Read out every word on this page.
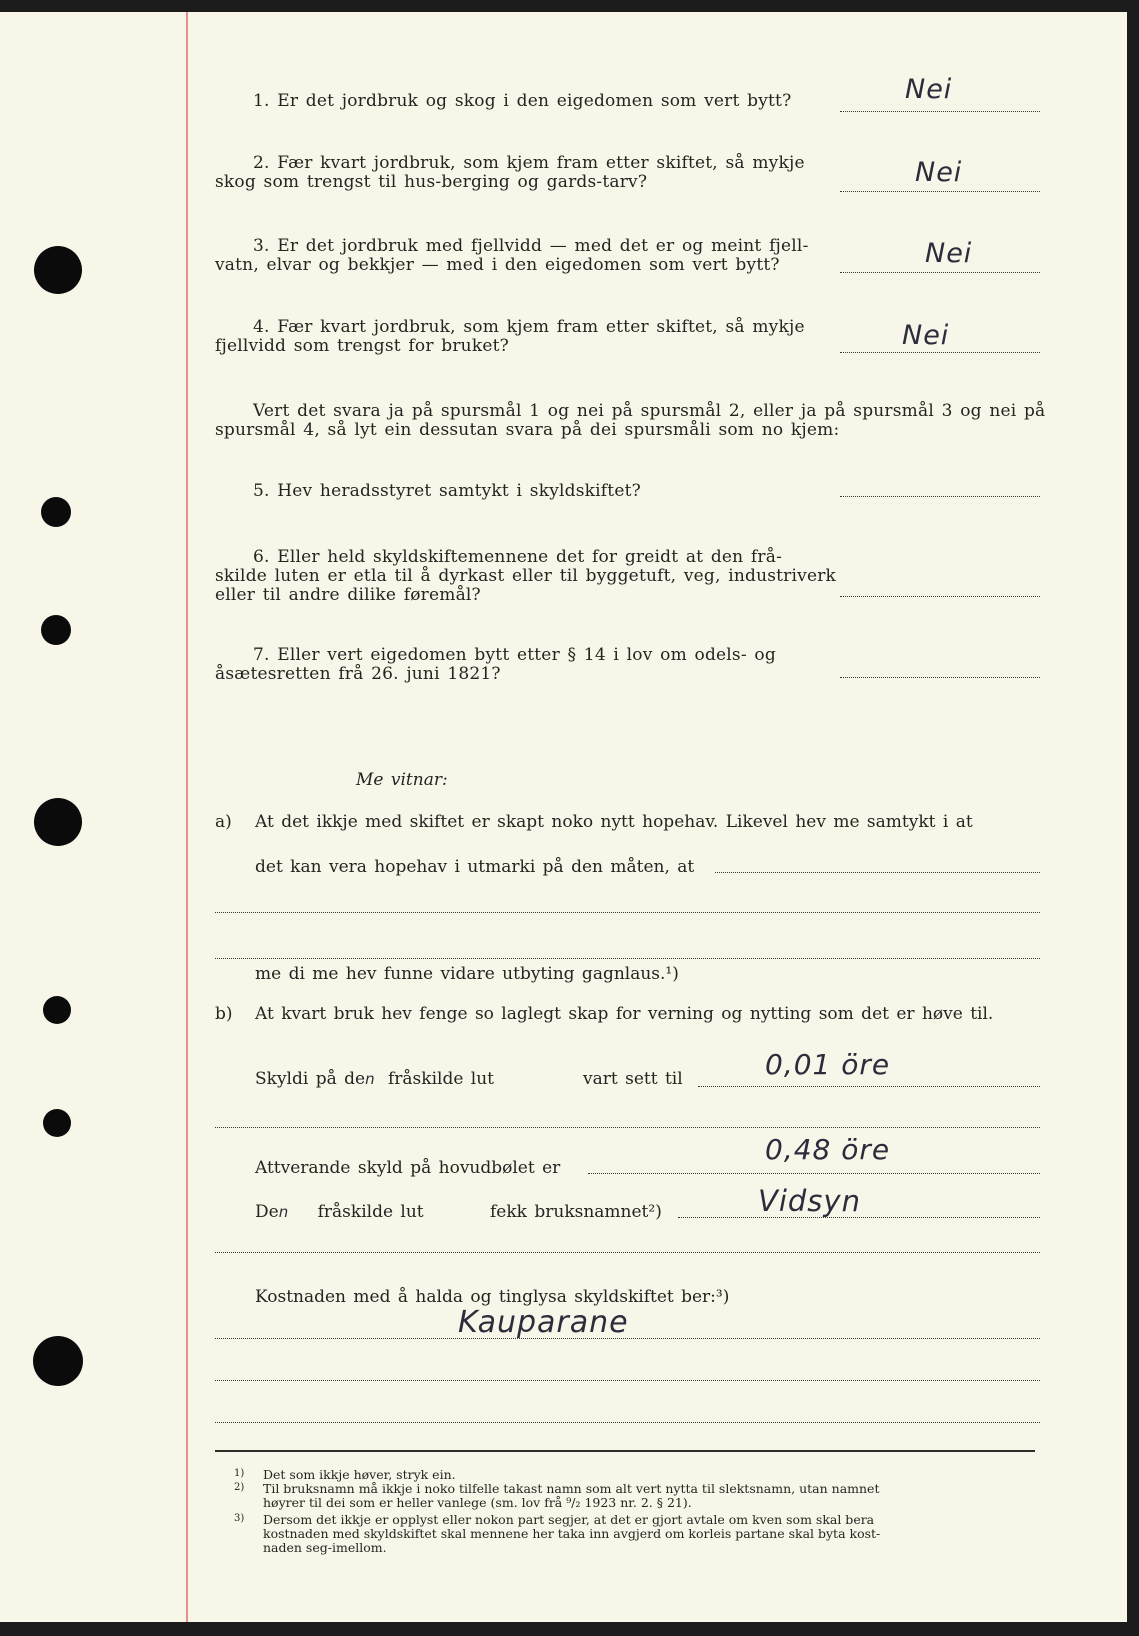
1. Er det jordbruk og skog i den eigedomen som vert bytt?	Nei
2. Fær kvart jordbruk, som kjem fram etter skiftet, så mykje
skog som trengst til hus-berging og gards-tarv?	Nei
3. Er det jordbruk med fjellvidd — med det er og meint fjell-
vatn, elvar og bekkjer — med i den eigedomen som vert bytt?	Nei
4. Fær kvart jordbruk, som kjem fram etter skiftet, så mykje
fjellvidd som trengst for bruket?	Nei
Vert det svara ja på spursmål 1 og nei på spursmål 2, eller ja på spursmål 3 og nei på
spursmål 4, så lyt ein dessutan svara på dei spursmåli som no kjem:
5. Hev heradsstyret samtykt i skyldskiftet?
6. Eller held skyldskiftemennene det for greidt at den frå-
skilde luten er etla til å dyrkast eller til byggetuft, veg, industriverk
eller til andre dilike føremål?
7. Eller vert eigedomen bytt etter § 14 i lov om odels- og
åsætesretten frå 26. juni 1821?
Me vitnar:
a) At det ikkje med skiftet er skapt noko nytt hopehav. Likevel hev me samtykt i at
det kan vera hopehav i utmarki på den måten, at
me di me hev funne vidare utbyting gagnlaus.¹)
b) At kvart bruk hev fenge so laglegt skap for verning og nytting som det er høve til.
Skyldi på den fråskilde lut	vart sett til	0,01 öre
Attverande skyld på hovudbølet er
0,48 öre
Den fråskilde lut	fekk bruksnamnet²)	Vidsyn
Kostnaden med å halda og tinglysa skyldskiftet ber:³)
Kaupаrane
1) Det som ikkje høver, stryk ein.
2) Til bruksnamn må ikkje i noko tilfelle takast namn som alt vert nytta til slektsnamn, utan namnet
høyrer til dei som er heller vanlege (sm. lov frå ⁹/₂ 1923 nr. 2. § 21).
3) Dersom det ikkje er opplyst eller nokon part segjer, at det er gjort avtale om kven som skal bera
kostnaden med skyldskiftet skal mennene her taka inn avgjerd om korleis partane skal byta kost-
naden seg-imellom.
